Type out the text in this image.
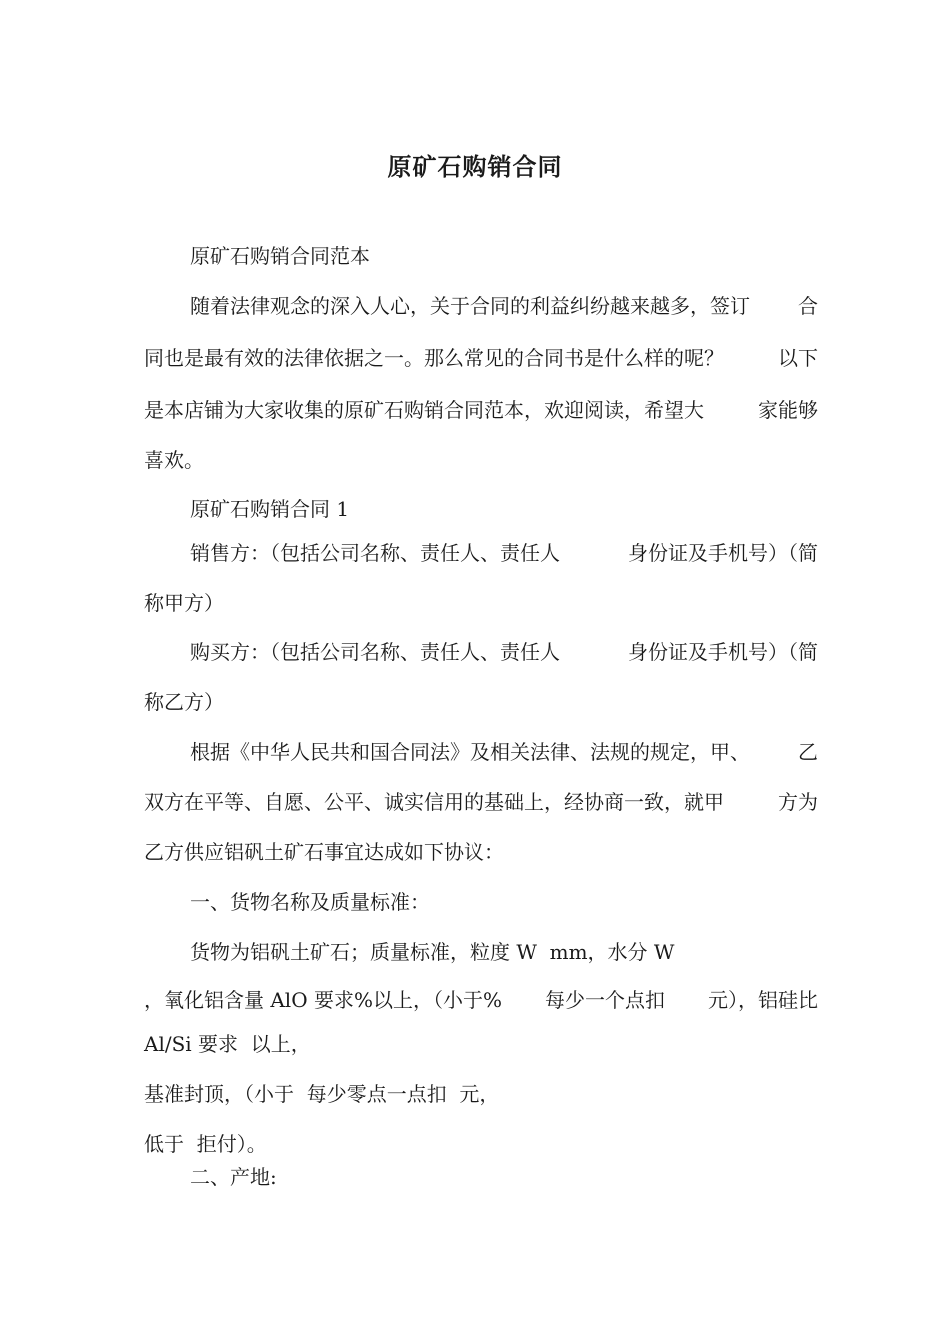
原矿石购销合同
原矿石购销合同范本
随着法律观念的深入人心，关于合同的利益纠纷越来越多，签订 合
同也是最有效的法律依据之一。那么常见的合同书是什么样的呢？	以下
是本店铺为大家收集的原矿石购销合同范本，欢迎阅读，希望大	家能够
喜欢。
原矿石购销合同 1
销售方：（包括公司名称、责任人、责任人	身份证及手机号）（简
称甲方）
购买方：（包括公司名称、责任人、责任人	身份证及手机号）（简
称乙方）
根据《中华人民共和国合同法》及相关法律、法规的规定，甲、 乙
双方在平等、自愿、公平、诚实信用的基础上，经协商一致，就甲	方为
乙方供应铝矾土矿石事宜达成如下协议：
一、货物名称及质量标准：
货物为铝矾土矿石；质量标准，粒度 W  mm，水分 W
，氧化铝含量 AlO 要求%以上，（小于% 每少一个点扣 元），铝硅比
Al/Si 要求  以上，
基准封顶，（小于  每少零点一点扣  元，
低于  拒付）。
二、产地:
